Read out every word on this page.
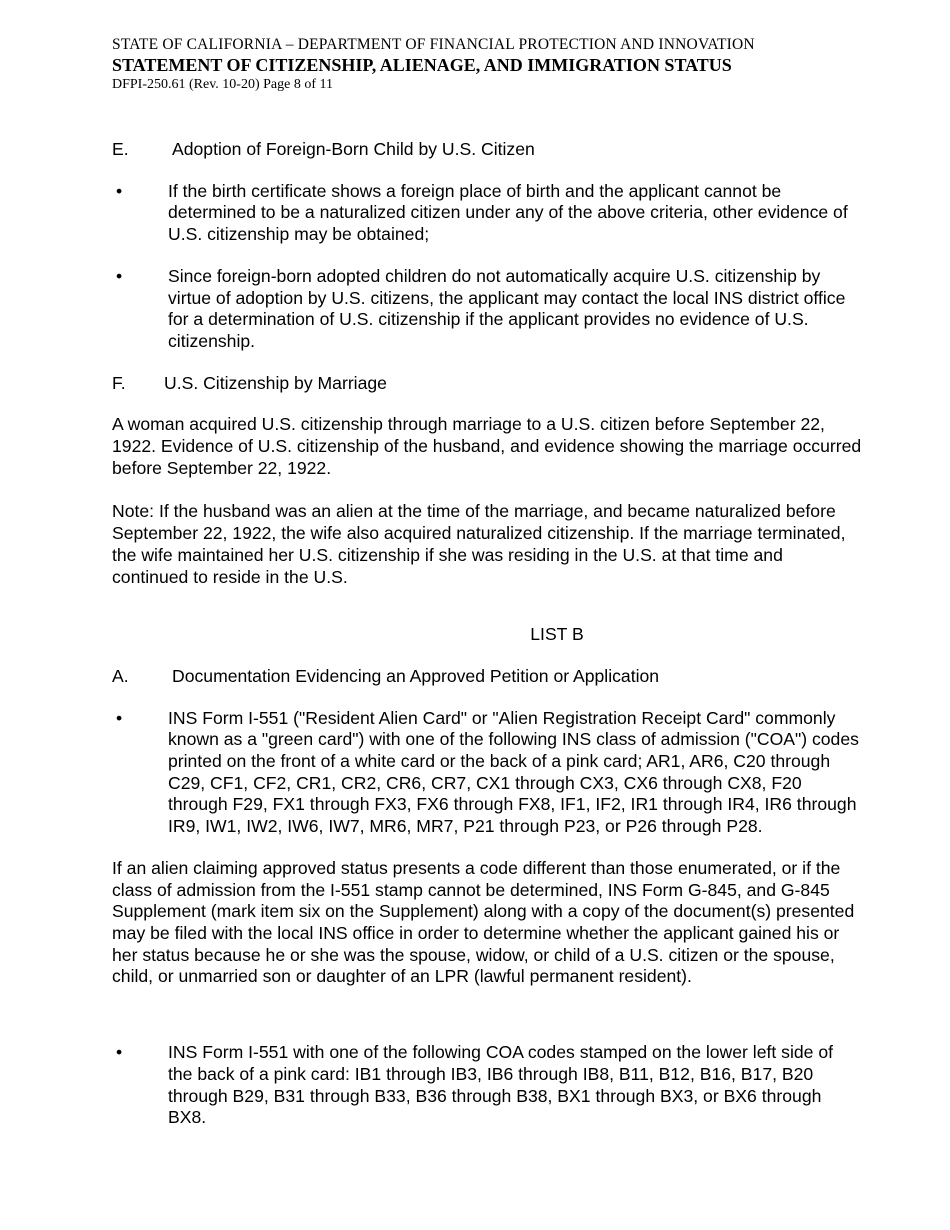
STATE OF CALIFORNIA – DEPARTMENT OF FINANCIAL PROTECTION AND INNOVATION
STATEMENT OF CITIZENSHIP, ALIENAGE, AND IMMIGRATION STATUS
DFPI-250.61 (Rev. 10-20) Page 8 of 11
E.	Adoption of Foreign-Born Child by U.S. Citizen
•	If the birth certificate shows a foreign place of birth and the applicant cannot be determined to be a naturalized citizen under any of the above criteria, other evidence of U.S. citizenship may be obtained;
•	Since foreign-born adopted children do not automatically acquire U.S. citizenship by virtue of adoption by U.S. citizens, the applicant may contact the local INS district office for a determination of U.S. citizenship if the applicant provides no evidence of U.S. citizenship.
F.	U.S. Citizenship by Marriage

A woman acquired U.S. citizenship through marriage to a U.S. citizen before September 22, 1922. Evidence of U.S. citizenship of the husband, and evidence showing the marriage occurred before September 22, 1922.

Note: If the husband was an alien at the time of the marriage, and became naturalized before September 22, 1922, the wife also acquired naturalized citizenship. If the marriage terminated, the wife maintained her U.S. citizenship if she was residing in the U.S. at that time and continued to reside in the U.S.

LIST B
A.	Documentation Evidencing an Approved Petition or Application
•	INS Form I-551 ("Resident Alien Card" or "Alien Registration Receipt Card" commonly known as a "green card") with one of the following INS class of admission ("COA") codes printed on the front of a white card or the back of a pink card; AR1, AR6, C20 through C29, CF1, CF2, CR1, CR2, CR6, CR7, CX1 through CX3, CX6 through CX8, F20 through F29, FX1 through FX3, FX6 through FX8, IF1, IF2, IR1 through IR4, IR6 through IR9, IW1, IW2, IW6, IW7, MR6, MR7, P21 through P23, or P26 through P28.

If an alien claiming approved status presents a code different than those enumerated, or if the class of admission from the I-551 stamp cannot be determined, INS Form G-845, and G-845 Supplement (mark item six on the Supplement) along with a copy of the document(s) presented may be filed with the local INS office in order to determine whether the applicant gained his or her status because he or she was the spouse, widow, or child of a U.S. citizen or the spouse, child, or unmarried son or daughter of an LPR (lawful permanent resident).

•	INS Form I-551 with one of the following COA codes stamped on the lower left side of the back of a pink card: IB1 through IB3, IB6 through IB8, B11, B12, B16, B17, B20 through B29, B31 through B33, B36 through B38, BX1 through BX3, or BX6 through BX8.
